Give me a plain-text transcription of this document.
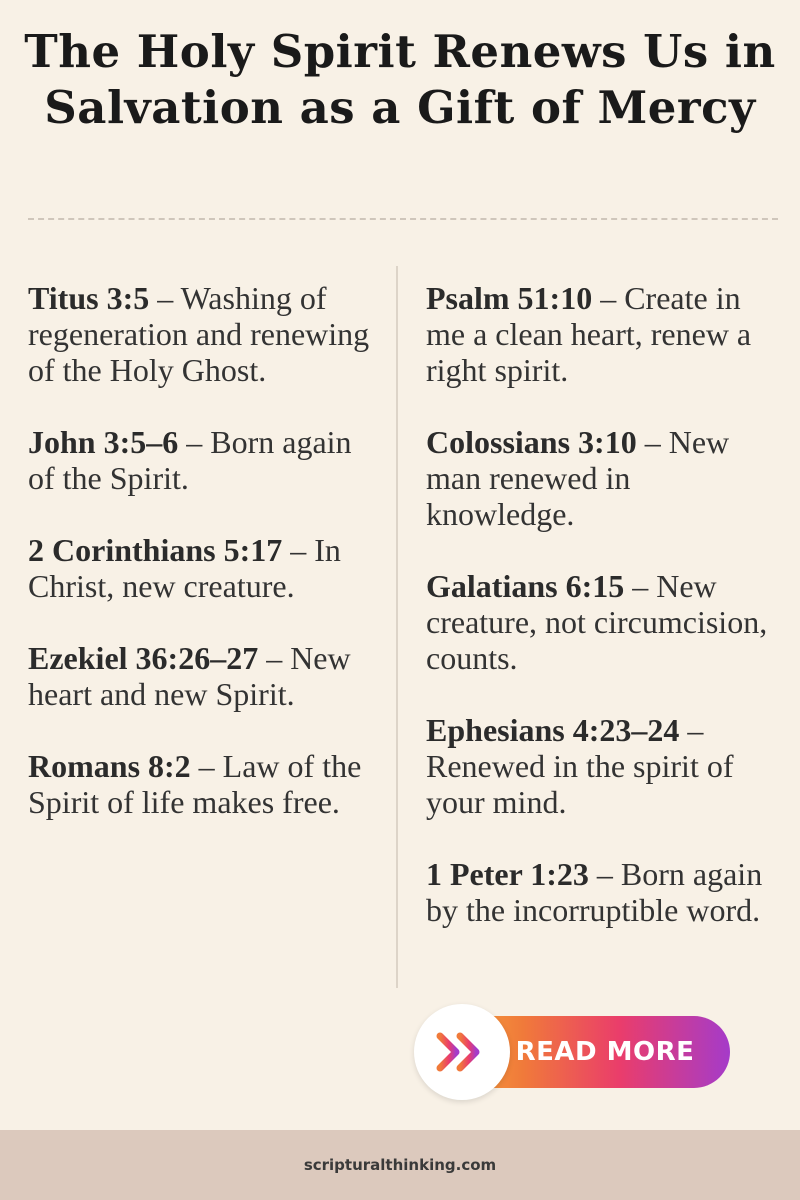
The Holy Spirit Renews Us in Salvation as a Gift of Mercy

Titus 3:5 – Washing of regeneration and renewing of the Holy Ghost.

John 3:5–6 – Born again of the Spirit.

2 Corinthians 5:17 – In Christ, new creature.

Ezekiel 36:26–27 – New heart and new Spirit.

Romans 8:2 – Law of the Spirit of life makes free.

Psalm 51:10 – Create in me a clean heart, renew a right spirit.

Colossians 3:10 – New man renewed in knowledge.

Galatians 6:15 – New creature, not circumcision, counts.

Ephesians 4:23–24 – Renewed in the spirit of your mind.

1 Peter 1:23 – Born again by the incorruptible word.

READ MORE
scripturalthinking.com
